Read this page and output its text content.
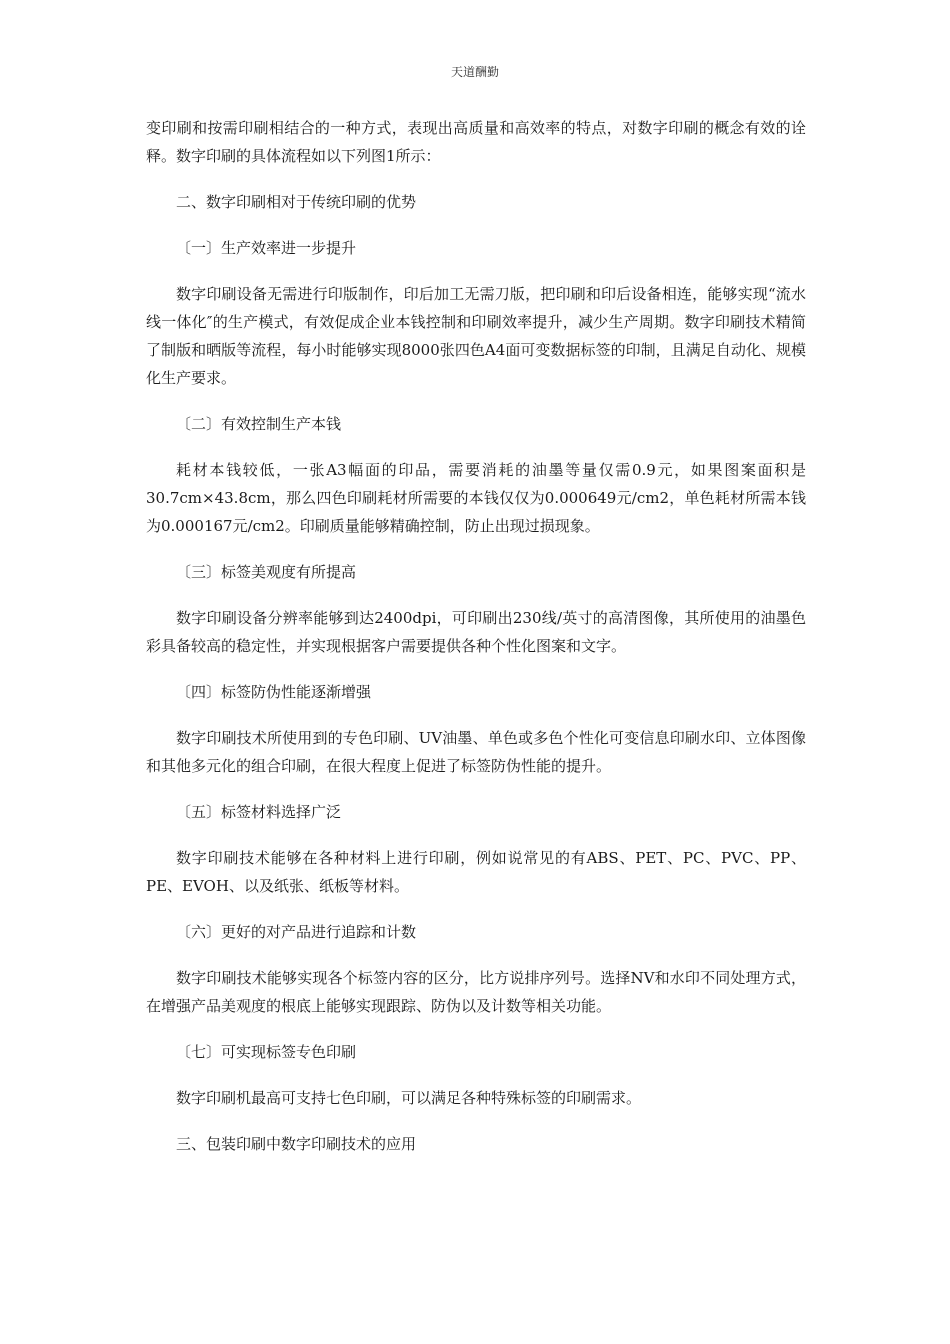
天道酬勤

变印刷和按需印刷相结合的一种方式，表现出高质量和高效率的特点，对数字印刷的概念有效的诠释。数字印刷的具体流程如以下列图1所示：

二、数字印刷相对于传统印刷的优势

〔一〕生产效率进一步提升

数字印刷设备无需进行印版制作，印后加工无需刀版，把印刷和印后设备相连，能够实现“流水线一体化″的生产模式，有效促成企业本钱控制和印刷效率提升，减少生产周期。数字印刷技术精简了制版和晒版等流程，每小时能够实现8000张四色A4面可变数据标签的印制，且满足自动化、规模化生产要求。

〔二〕有效控制生产本钱

耗材本钱较低，一张A3幅面的印品，需要消耗的油墨等量仅需0.9元，如果图案面积是30.7cm×43.8cm，那么四色印刷耗材所需要的本钱仅仅为0.000649元/cm2，单色耗材所需本钱为0.000167元/cm2。印刷质量能够精确控制，防止出现过损现象。

〔三〕标签美观度有所提高

数字印刷设备分辨率能够到达2400dpi，可印刷出230线/英寸的高清图像，其所使用的油墨色彩具备较高的稳定性，并实现根据客户需要提供各种个性化图案和文字。

〔四〕标签防伪性能逐渐增强

数字印刷技术所使用到的专色印刷、UV油墨、单色或多色个性化可变信息印刷水印、立体图像和其他多元化的组合印刷，在很大程度上促进了标签防伪性能的提升。

〔五〕标签材料选择广泛

数字印刷技术能够在各种材料上进行印刷，例如说常见的有ABS、PET、PC、PVC、PP、PE、EVOH、以及纸张、纸板等材料。

〔六〕更好的对产品进行追踪和计数

数字印刷技术能够实现各个标签内容的区分，比方说排序列号。选择NV和水印不同处理方式，在增强产品美观度的根底上能够实现跟踪、防伪以及计数等相关功能。

〔七〕可实现标签专色印刷

数字印刷机最高可支持七色印刷，可以满足各种特殊标签的印刷需求。

三、包装印刷中数字印刷技术的应用
